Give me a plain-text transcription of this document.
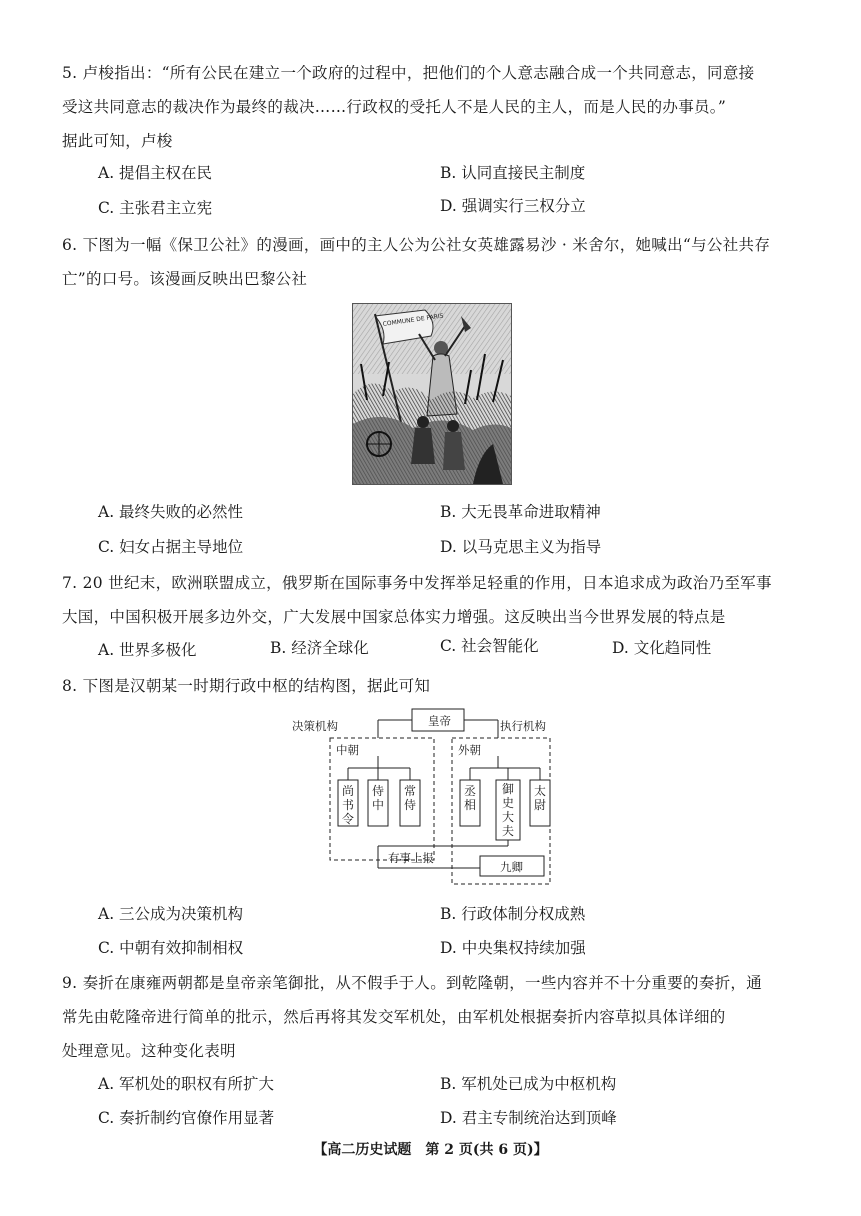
5. 卢梭指出：“所有公民在建立一个政府的过程中，把他们的个人意志融合成一个共同意志，同意接
受这共同意志的裁决作为最终的裁决……行政权的受托人不是人民的主人，而是人民的办事员。”
据此可知，卢梭
A. 提倡主权在民	B. 认同直接民主制度
C. 主张君主立宪	D. 强调实行三权分立
6. 下图为一幅《保卫公社》的漫画，画中的主人公为公社女英雄露易沙 · 米舍尔，她喊出“与公社共存
亡”的口号。该漫画反映出巴黎公社
COMMUNE DE PARIS
A. 最终失败的必然性	B. 大无畏革命进取精神
C. 妇女占据主导地位	D. 以马克思主义为指导
7. 20 世纪末，欧洲联盟成立，俄罗斯在国际事务中发挥举足轻重的作用，日本追求成为政治乃至军事
大国，中国积极开展多边外交，广大发展中国家总体实力增强。这反映出当今世界发展的特点是
A. 世界多极化	B. 经济全球化	C. 社会智能化	D. 文化趋同性
8. 下图是汉朝某一时期行政中枢的结构图，据此可知
皇帝
决策机构	执行机构
中朝	外朝
尚
书
令
侍
中
常
侍
丞
相
御
史
大
夫
太
尉
有事上报
九卿
A. 三公成为决策机构	B. 行政体制分权成熟
C. 中朝有效抑制相权	D. 中央集权持续加强
9. 奏折在康雍两朝都是皇帝亲笔御批，从不假手于人。到乾隆朝，一些内容并不十分重要的奏折，通
常先由乾隆帝进行简单的批示，然后再将其发交军机处，由军机处根据奏折内容草拟具体详细的
处理意见。这种变化表明
A. 军机处的职权有所扩大	B. 军机处已成为中枢机构
C. 奏折制约官僚作用显著	D. 君主专制统治达到顶峰
【高二历史试题　第 2 页(共 6 页)】
